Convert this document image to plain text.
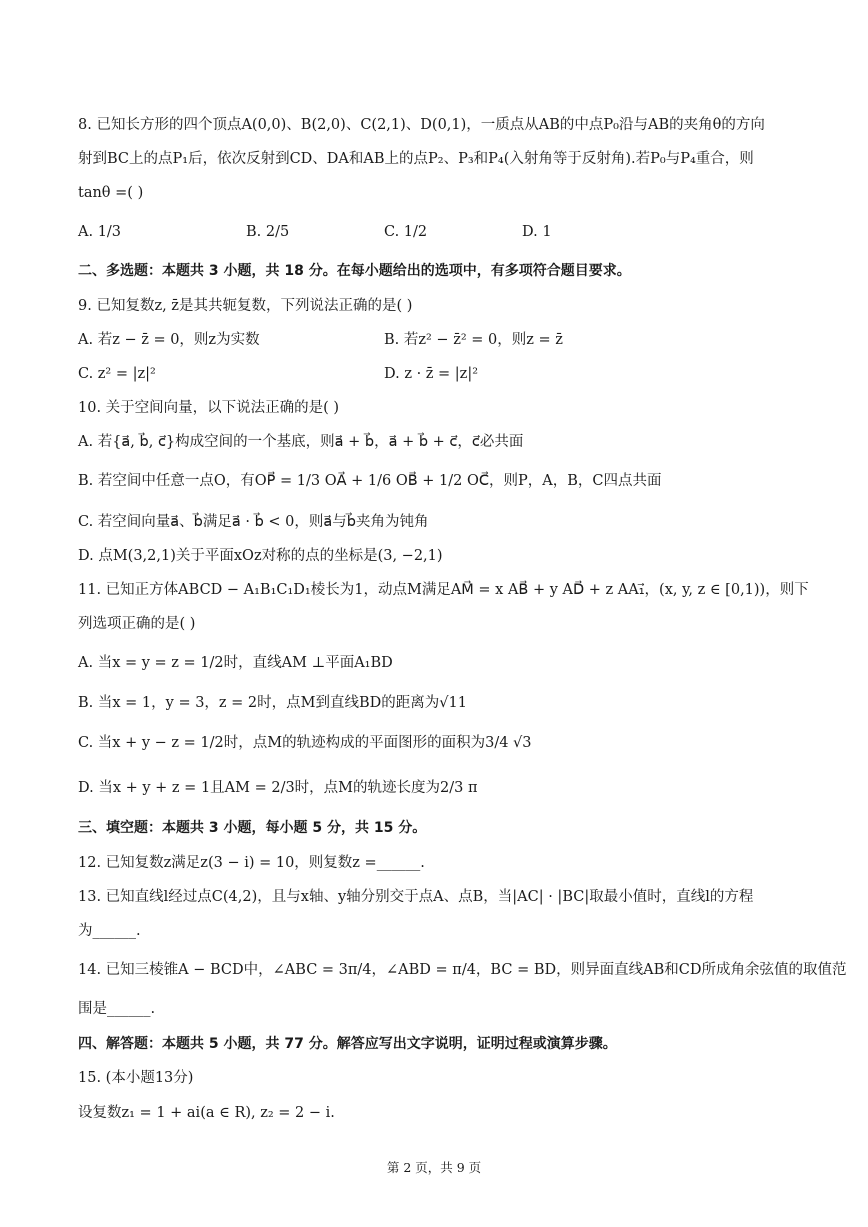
8. 已知长方形的四个顶点A(0,0)、B(2,0)、C(2,1)、D(0,1)，一质点从AB的中点P₀沿与AB的夹角θ的方向
射到BC上的点P₁后，依次反射到CD、DA和AB上的点P₂、P₃和P₄(入射角等于反射角).若P₀与P₄重合，则
tanθ =( )
A. 1/3	B. 2/5	C. 1/2	D. 1
二、多选题：本题共 3 小题，共 18 分。在每小题给出的选项中，有多项符合题目要求。
9. 已知复数z, z̄是其共轭复数，下列说法正确的是( )
A. 若z − z̄ = 0，则z为实数	B. 若z² − z̄² = 0，则z = z̄
C. z² = |z|²	D. z · z̄ = |z|²
10. 关于空间向量，以下说法正确的是( )
A. 若{a⃗, b⃗, c⃗}构成空间的一个基底，则a⃗ + b⃗，a⃗ + b⃗ + c⃗，c⃗必共面
B. 若空间中任意一点O，有OP⃗ = 1/3 OA⃗ + 1/6 OB⃗ + 1/2 OC⃗，则P，A，B，C四点共面
C. 若空间向量a⃗、b⃗满足a⃗ · b⃗ < 0，则a⃗与b⃗夹角为钝角
D. 点M(3,2,1)关于平面xOz对称的点的坐标是(3, −2,1)
11. 已知正方体ABCD − A₁B₁C₁D₁棱长为1，动点M满足AM⃗ = x AB⃗ + y AD⃗ + z AA₁⃗，(x, y, z ∈ [0,1))，则下
列选项正确的是( )
A. 当x = y = z = 1/2时，直线AM ⊥平面A₁BD
B. 当x = 1，y = 3，z = 2时，点M到直线BD的距离为√11
C. 当x + y − z = 1/2时，点M的轨迹构成的平面图形的面积为3/4 √3
D. 当x + y + z = 1且AM = 2/3时，点M的轨迹长度为2/3 π
三、填空题：本题共 3 小题，每小题 5 分，共 15 分。
12. 已知复数z满足z(3 − i) = 10，则复数z =______.
13. 已知直线l经过点C(4,2)，且与x轴、y轴分别交于点A、点B，当|AC| · |BC|取最小值时，直线l的方程
为______.
14. 已知三棱锥A − BCD中，∠ABC = 3π/4，∠ABD = π/4，BC = BD，则异面直线AB和CD所成角余弦值的取值范
围是______.
四、解答题：本题共 5 小题，共 77 分。解答应写出文字说明，证明过程或演算步骤。
15. (本小题13分)
设复数z₁ = 1 + ai(a ∈ R), z₂ = 2 − i.
第 2 页，共 9 页
